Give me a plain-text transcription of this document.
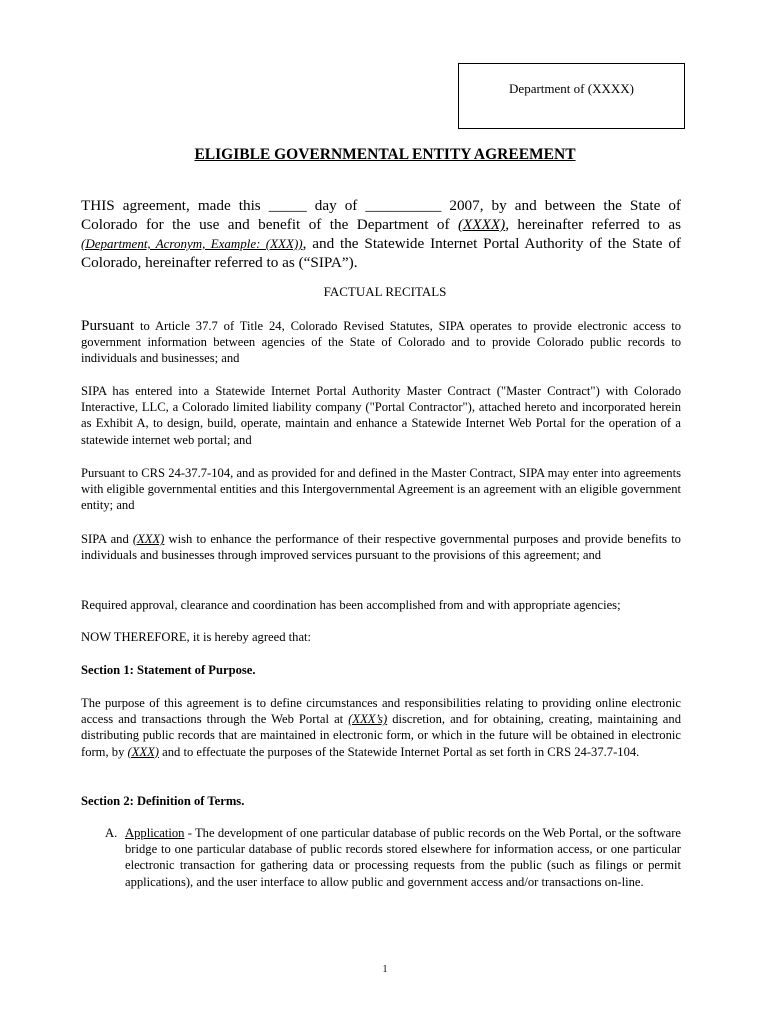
Department of (XXXX)
ELIGIBLE GOVERNMENTAL ENTITY AGREEMENT
THIS agreement, made this _____ day of __________ 2007, by and between the State of Colorado for the use and benefit of the Department of (XXXX), hereinafter referred to as (Department, Acronym, Example: (XXX)), and the Statewide Internet Portal Authority of the State of Colorado, hereinafter referred to as (“SIPA”).
FACTUAL RECITALS

Pursuant to Article 37.7 of Title 24, Colorado Revised Statutes, SIPA operates to provide electronic access to government information between agencies of the State of Colorado and to provide Colorado public records to individuals and businesses; and

SIPA has entered into a Statewide Internet Portal Authority Master Contract ("Master Contract") with Colorado Interactive, LLC, a Colorado limited liability company ("Portal Contractor"), attached hereto and incorporated herein as Exhibit A, to design, build, operate, maintain and enhance a Statewide Internet Web Portal for the operation of a statewide internet web portal; and

Pursuant to CRS 24-37.7-104, and as provided for and defined in the Master Contract, SIPA may enter into agreements with eligible governmental entities and this Intergovernmental Agreement is an agreement with an eligible government entity; and

SIPA and (XXX) wish to enhance the performance of their respective governmental purposes and provide benefits to individuals and businesses through improved services pursuant to the provisions of this agreement; and

Required approval, clearance and coordination has been accomplished from and with appropriate agencies;

NOW THEREFORE, it is hereby agreed that:

Section 1: Statement of Purpose.

The purpose of this agreement is to define circumstances and responsibilities relating to providing online electronic access and transactions through the Web Portal at (XXX’s) discretion, and for obtaining, creating, maintaining and distributing public records that are maintained in electronic form, or which in the future will be obtained in electronic form, by (XXX) and to effectuate the purposes of the Statewide Internet Portal as set forth in CRS 24-37.7-104.

Section 2: Definition of Terms.

A. Application - The development of one particular database of public records on the Web Portal, or the software bridge to one particular database of public records stored elsewhere for information access, or one particular electronic transaction for gathering data or processing requests from the public (such as filings or permit applications), and the user interface to allow public and government access and/or transactions on-line.
1
